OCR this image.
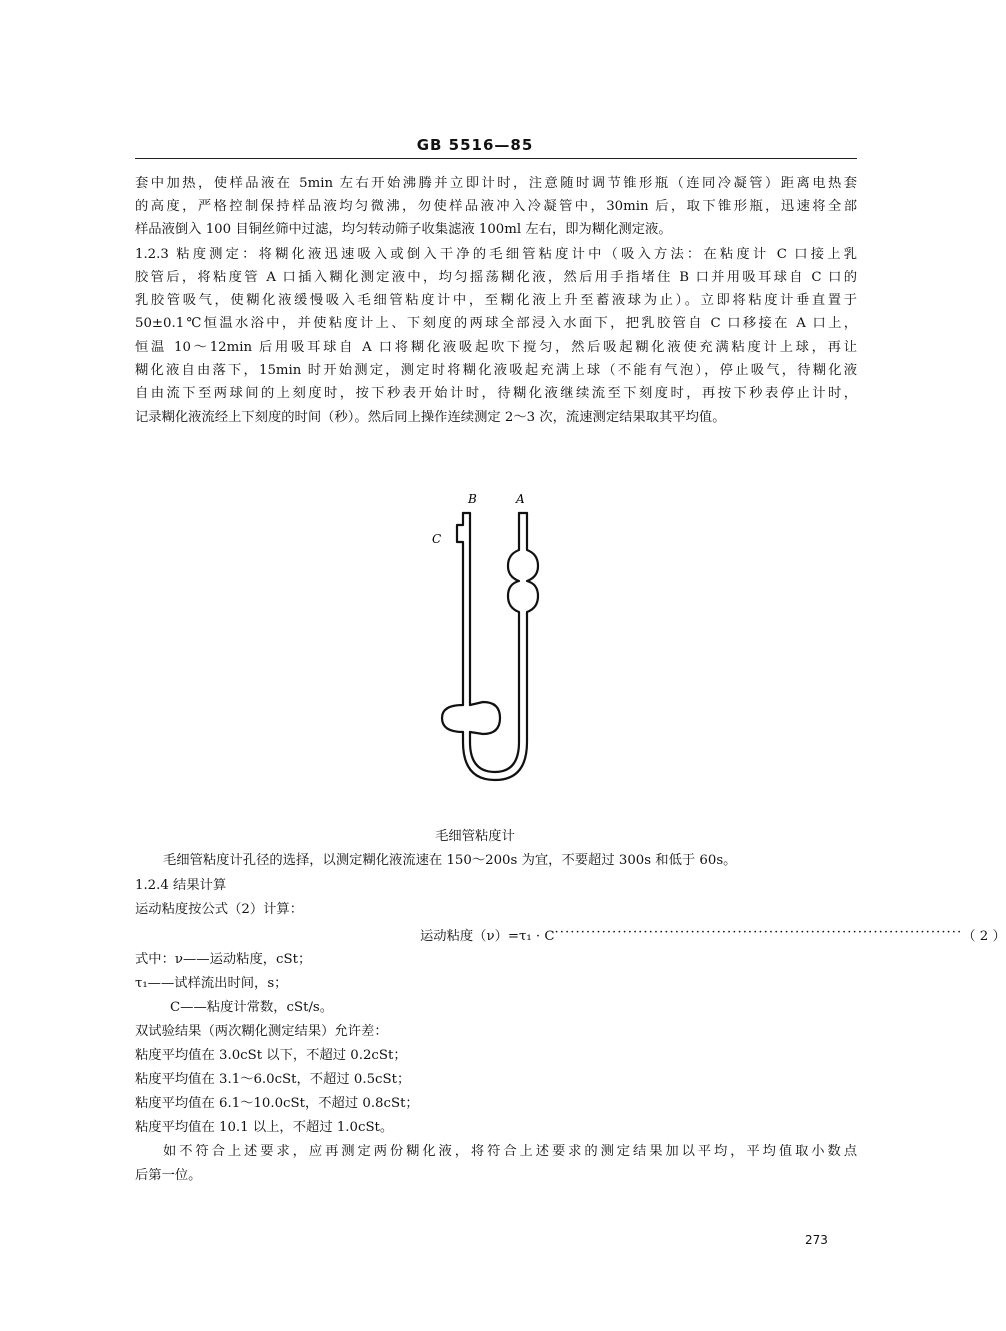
GB 5516—85
套中加热，使样品液在 5min 左右开始沸腾并立即计时，注意随时调节锥形瓶（连同冷凝管）距离电热套
的高度，严格控制保持样品液均匀微沸，勿使样品液冲入冷凝管中，30min 后，取下锥形瓶，迅速将全部
样品液倒入 100 目铜丝筛中过滤，均匀转动筛子收集滤液 100ml 左右，即为糊化测定液。
1.2.3 粘度测定：将糊化液迅速吸入或倒入干净的毛细管粘度计中（吸入方法：在粘度计 C 口接上乳
胶管后，将粘度管 A 口插入糊化测定液中，均匀摇荡糊化液，然后用手指堵住 B 口并用吸耳球自 C 口的
乳胶管吸气，使糊化液缓慢吸入毛细管粘度计中，至糊化液上升至蓄液球为止）。立即将粘度计垂直置于
50±0.1℃恒温水浴中，并使粘度计上、下刻度的两球全部浸入水面下，把乳胶管自 C 口移接在 A 口上，
恒温 10～12min 后用吸耳球自 A 口将糊化液吸起吹下搅匀，然后吸起糊化液使充满粘度计上球，再让
糊化液自由落下，15min 时开始测定，测定时将糊化液吸起充满上球（不能有气泡），停止吸气，待糊化液
自由流下至两球间的上刻度时，按下秒表开始计时，待糊化液继续流至下刻度时，再按下秒表停止计时，
记录糊化液流经上下刻度的时间（秒）。然后同上操作连续测定 2～3 次，流速测定结果取其平均值。
B	A
C
毛细管粘度计
毛细管粘度计孔径的选择，以测定糊化液流速在 150～200s 为宜，不要超过 300s 和低于 60s。
1.2.4 结果计算
运动粘度按公式（2）计算：
运动粘度（ν）=τ₁ · C ·············································································· （ 2 ）
式中：ν——运动粘度，cSt；
τ₁——试样流出时间，s；
C——粘度计常数，cSt/s。
双试验结果（两次糊化测定结果）允许差：
粘度平均值在 3.0cSt 以下，不超过 0.2cSt；
粘度平均值在 3.1～6.0cSt，不超过 0.5cSt；
粘度平均值在 6.1～10.0cSt，不超过 0.8cSt；
粘度平均值在 10.1 以上，不超过 1.0cSt。
如不符合上述要求，应再测定两份糊化液，将符合上述要求的测定结果加以平均，平均值取小数点
后第一位。
273
